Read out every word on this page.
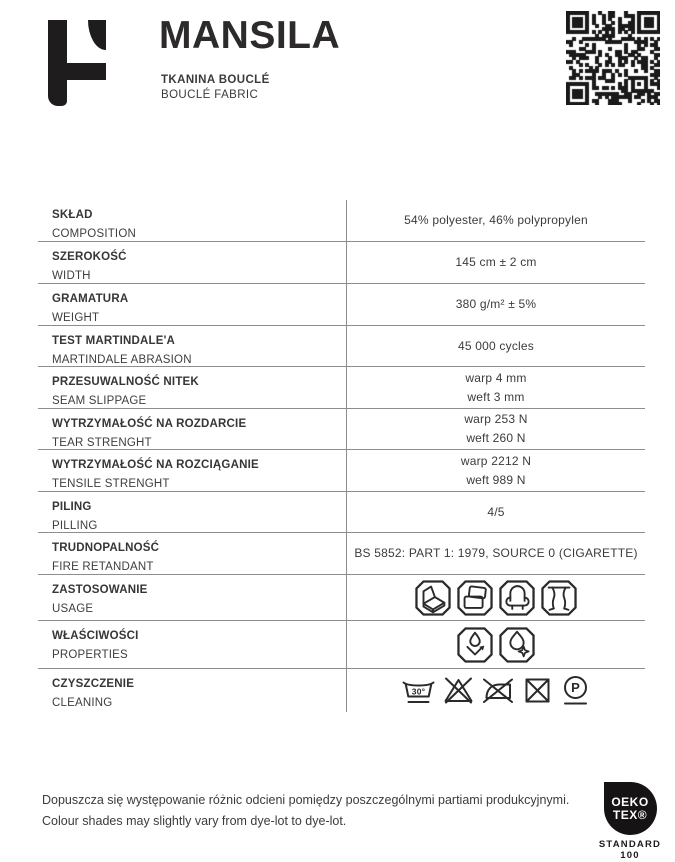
MANSILA
TKANINA BOUCLÉ
BOUCLÉ FABRIC
SKŁAD
COMPOSITION
54% polyester, 46% polypropylen
SZEROKOŚĆ
WIDTH
145 cm ± 2 cm
GRAMATURA
WEIGHT
380 g/m² ± 5%
TEST MARTINDALE'A
MARTINDALE ABRASION
45 000 cycles
PRZESUWALNOŚĆ NITEK
SEAM SLIPPAGE
warp 4 mm
weft 3 mm
WYTRZYMAŁOŚĆ NA ROZDARCIE
TEAR STRENGHT
warp 253 N
weft 260 N
WYTRZYMAŁOŚĆ NA ROZCIĄGANIE
TENSILE STRENGHT
warp 2212 N
weft 989 N
PILING
PILLING
4/5
TRUDNOPALNOŚĆ
FIRE RETANDANT
BS 5852: PART 1: 1979, SOURCE 0 (CIGARETTE)
ZASTOSOWANIE
USAGE
WŁAŚCIWOŚCI
PROPERTIES
CZYSZCZENIE
CLEANING
30°	P
Dopuszcza się występowanie różnic odcieni pomiędzy poszczególnymi partiami produkcyjnymi.
Colour shades may slightly vary from dye-lot to dye-lot.
OEKO
TEX®
STANDARD
100
